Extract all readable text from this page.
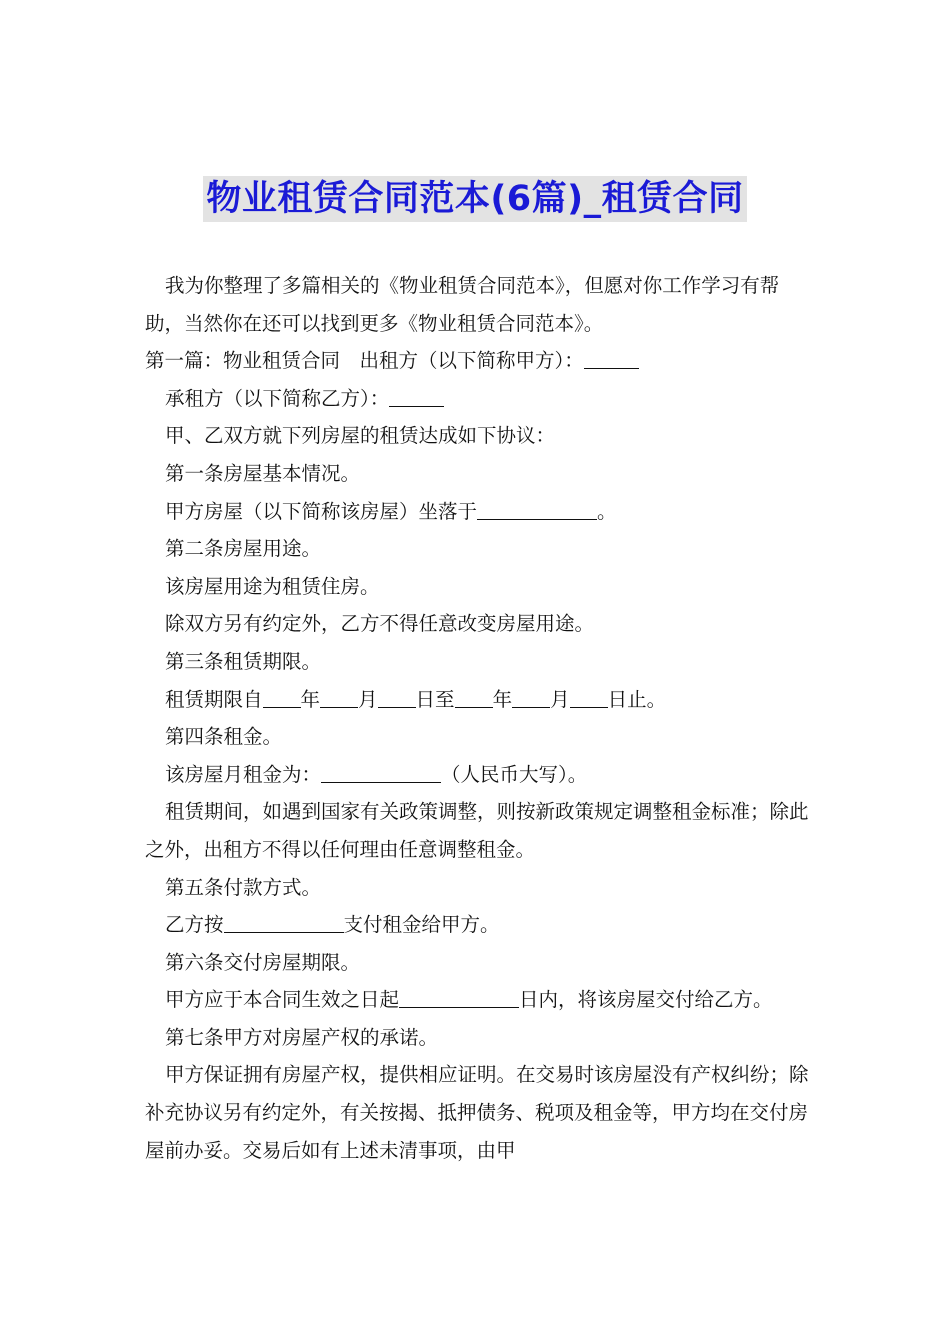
物业租赁合同范本(6篇)_租赁合同

我为你整理了多篇相关的《物业租赁合同范本》，但愿对你工作学习有帮助，当然你在还可以找到更多《物业租赁合同范本》。

第一篇：物业租赁合同　出租方（以下简称甲方）：

承租方（以下简称乙方）：

甲、乙双方就下列房屋的租赁达成如下协议：

第一条房屋基本情况。

甲方房屋（以下简称该房屋）坐落于	。

第二条房屋用途。

该房屋用途为租赁住房。

除双方另有约定外，乙方不得任意改变房屋用途。

第三条租赁期限。

租赁期限自 年 月 日至 年 月 日止。

第四条租金。

该房屋月租金为：	（人民币大写）。

租赁期间，如遇到国家有关政策调整，则按新政策规定调整租金标准；除此之外，出租方不得以任何理由任意调整租金。

第五条付款方式。

乙方按	支付租金给甲方。

第六条交付房屋期限。

甲方应于本合同生效之日起	日内，将该房屋交付给乙方。

第七条甲方对房屋产权的承诺。

甲方保证拥有房屋产权，提供相应证明。在交易时该房屋没有产权纠纷；除补充协议另有约定外，有关按揭、抵押债务、税项及租金等，甲方均在交付房屋前办妥。交易后如有上述未清事项，由甲
